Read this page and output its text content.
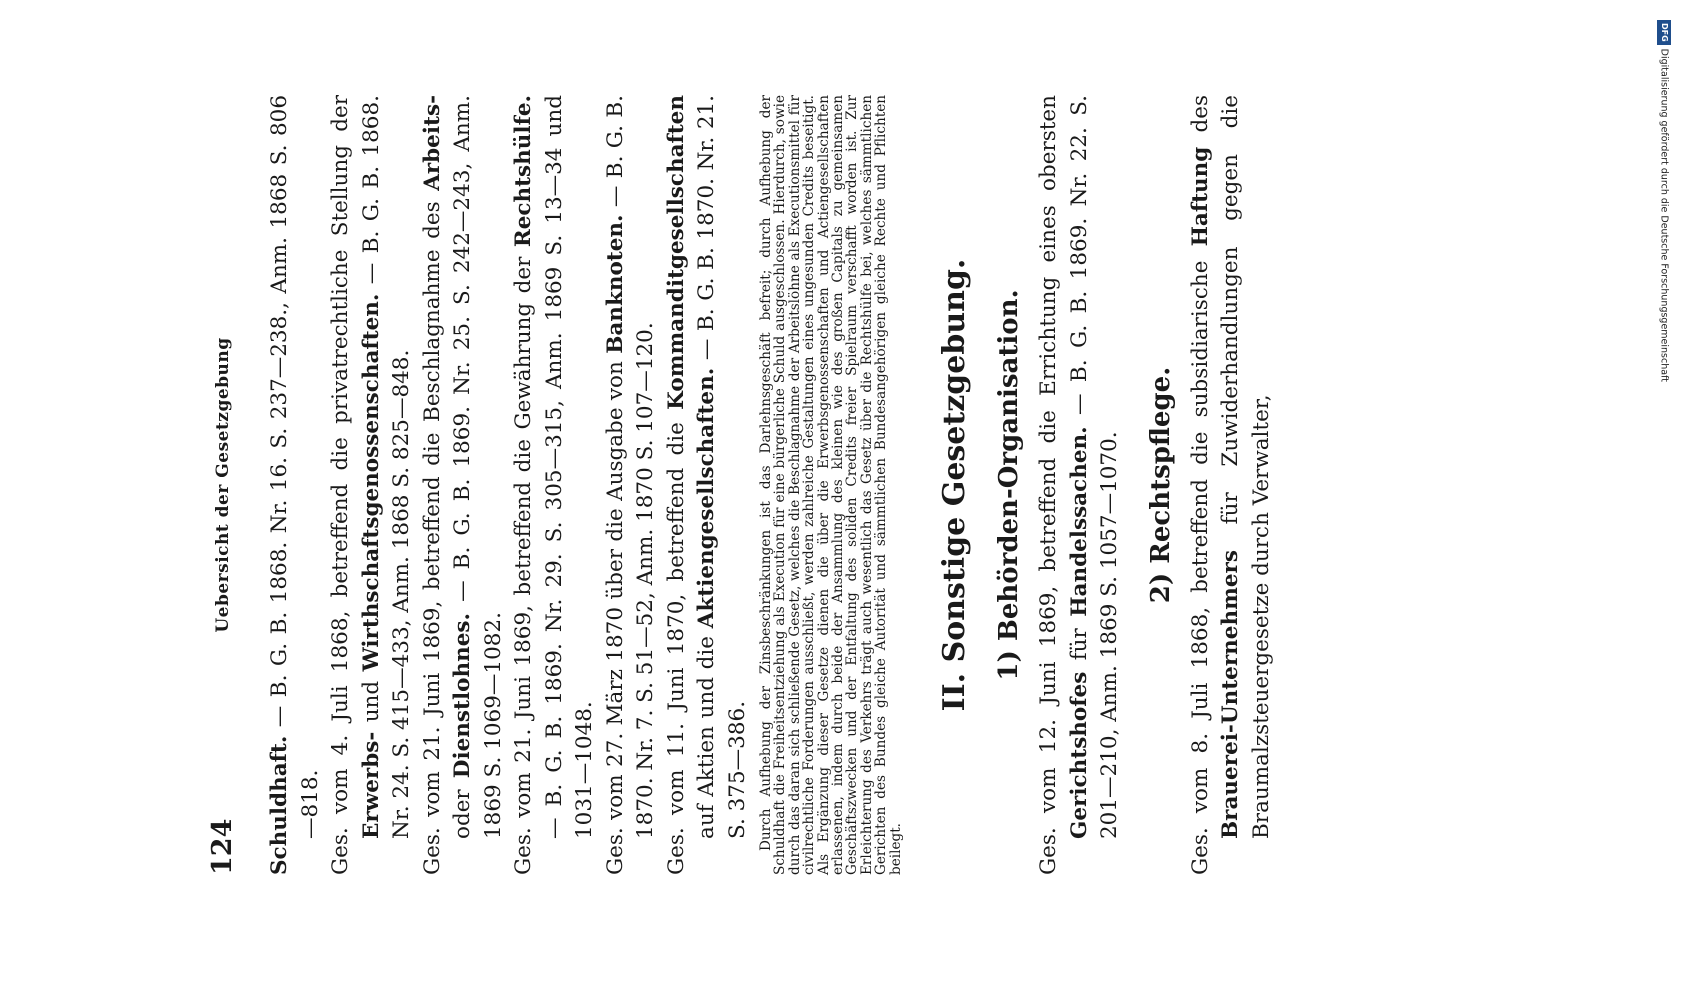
124
Uebersicht der Gesetzgebung

Schuldhaft. — B. G. B. 1868. Nr. 16. S. 237—238., Anm. 1868 S. 806—818. Ges. vom 4. Juli 1868, betreffend die privatrechtliche Stellung der Erwerbs- und Wirthschaftsgenossenschaften. — B. G. B. 1868. Nr. 24. S. 415—433, Anm. 1868 S. 825—848. Ges. vom 21. Juni 1869, betreffend die Beschlagnahme des Arbeits- oder Dienstlohnes. — B. G. B. 1869. Nr. 25. S. 242—243, Anm. 1869 S. 1069—1082. Ges. vom 21. Juni 1869, betreffend die Gewährung der Rechtshülfe. — B. G. B. 1869. Nr. 29. S. 305—315, Anm. 1869 S. 13—34 und 1031—1048. Ges. vom 27. März 1870 über die Ausgabe von Banknoten. — B. G. B. 1870. Nr. 7. S. 51—52, Anm. 1870 S. 107—120. Ges. vom 11. Juni 1870, betreffend die Kommanditgesellschaften auf Aktien und die Aktiengesellschaften. — B. G. B. 1870. Nr. 21. S. 375—386. Durch Aufhebung der Zinsbeschränkungen ist das Darlehnsgeschäft befreit; durch Aufhebung der Schuldhaft die Freiheitsentziehung als Execution für eine bürgerliche Schuld ausgeschlossen. Hierdurch, sowie durch das daran sich schließende Gesetz, welches die Beschlagnahme der Arbeitslöhne als Executionsmittel für civilrechtliche Forderungen ausschließt, werden zahlreiche Gestaltungen eines ungesunden Credits beseitigt. Als Ergänzung dieser Gesetze dienen die über die Erwerbsgenossenschaften und Actiengesellschaften erlassenen, indem durch beide der Ansammlung des kleinen wie des großen Capitals zu gemeinsamen Geschäftszwecken und der Entfaltung des soliden Credits freier Spielraum verschafft worden ist. Zur Erleichterung des Verkehrs trägt auch wesentlich das Gesetz über die Rechtshülfe bei, welches sämmtlichen Gerichten des Bundes gleiche Autorität und sämmtlichen Bundesangehörigen gleiche Rechte und Pflichten beilegt.

II. Sonstige Gesetzgebung. 1) Behörden-Organisation. Ges. vom 12. Juni 1869, betreffend die Errichtung eines obersten Gerichtshofes für Handelssachen. — B. G. B. 1869. Nr. 22. S. 201—210, Anm. 1869 S. 1057—1070. 2) Rechtspflege. Ges. vom 8. Juli 1868, betreffend die subsidiarische Haftung des Brauerei-Unternehmers für Zuwiderhandlungen gegen die Braumalzsteuergesetze durch Verwalter,

DFGDigitalisierung gefördert durch die Deutsche Forschungsgemeinschaft
